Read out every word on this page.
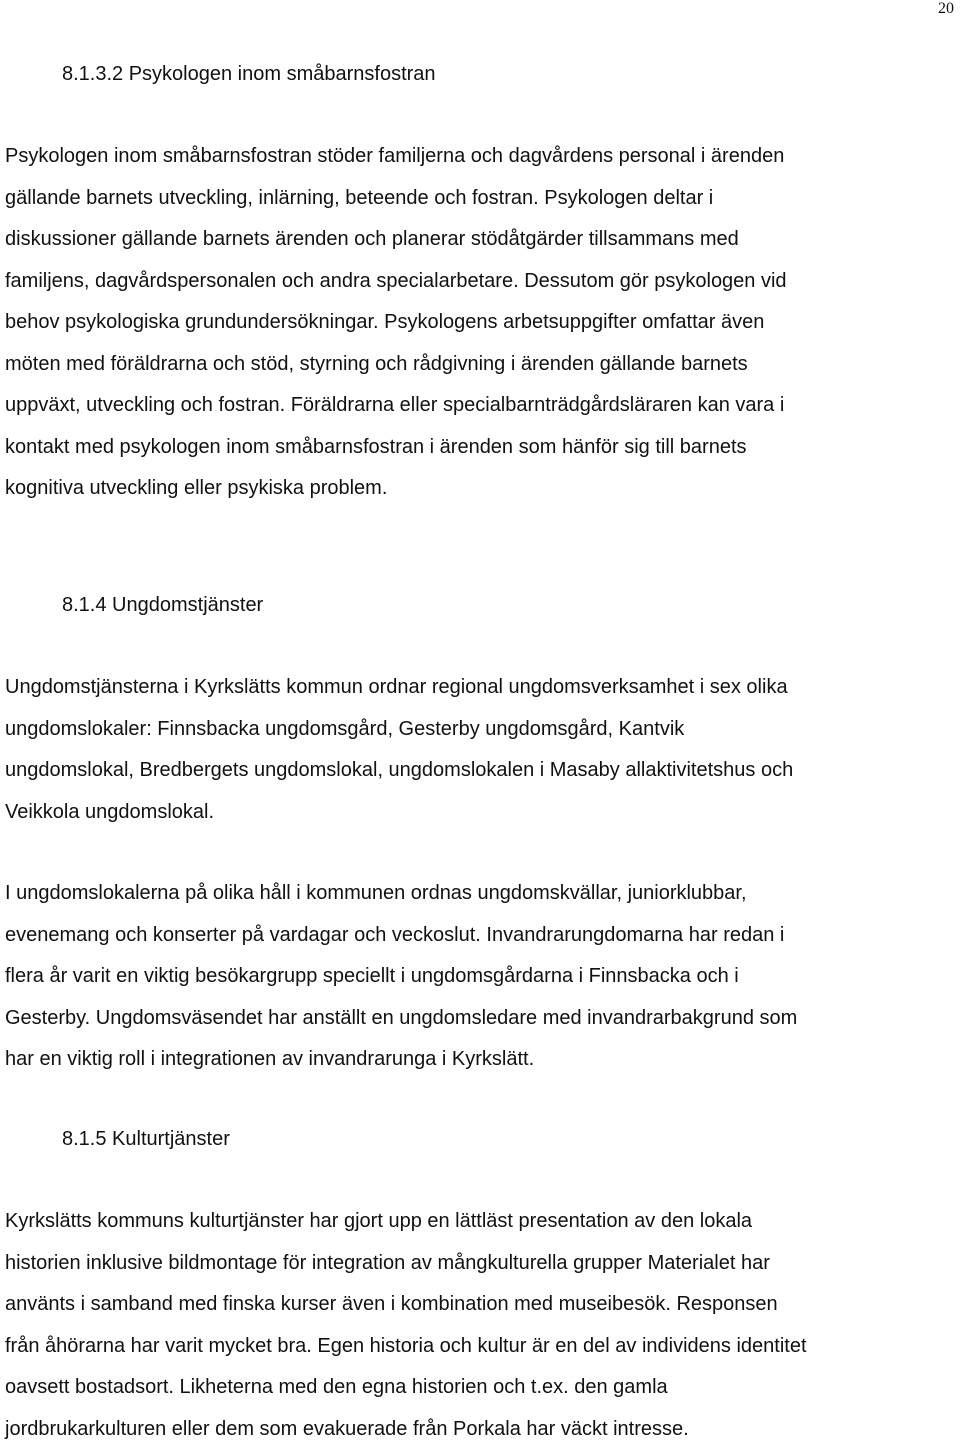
20
8.1.3.2 Psykologen inom småbarnsfostran
Psykologen inom småbarnsfostran stöder familjerna och dagvårdens personal i ärenden
gällande barnets utveckling, inlärning, beteende och fostran. Psykologen deltar i
diskussioner gällande barnets ärenden och planerar stödåtgärder tillsammans med
familjens, dagvårdspersonalen och andra specialarbetare. Dessutom gör psykologen vid
behov psykologiska grundundersökningar. Psykologens arbetsuppgifter omfattar även
möten med föräldrarna och stöd, styrning och rådgivning i ärenden gällande barnets
uppväxt, utveckling och fostran. Föräldrarna eller specialbarnträdgårdsläraren kan vara i
kontakt med psykologen inom småbarnsfostran i ärenden som hänför sig till barnets
kognitiva utveckling eller psykiska problem.
8.1.4 Ungdomstjänster
Ungdomstjänsterna i Kyrkslätts kommun ordnar regional ungdomsverksamhet i sex olika
ungdomslokaler: Finnsbacka ungdomsgård, Gesterby ungdomsgård, Kantvik
ungdomslokal, Bredbergets ungdomslokal, ungdomslokalen i Masaby allaktivitetshus och
Veikkola ungdomslokal.
I ungdomslokalerna på olika håll i kommunen ordnas ungdomskvällar, juniorklubbar,
evenemang och konserter på vardagar och veckoslut. Invandrarungdomarna har redan i
flera år varit en viktig besökargrupp speciellt i ungdomsgårdarna i Finnsbacka och i
Gesterby. Ungdomsväsendet har anställt en ungdomsledare med invandrarbakgrund som
har en viktig roll i integrationen av invandrarunga i Kyrkslätt.
8.1.5 Kulturtjänster
Kyrkslätts kommuns kulturtjänster har gjort upp en lättläst presentation av den lokala
historien inklusive bildmontage för integration av mångkulturella grupper Materialet har
använts i samband med finska kurser även i kombination med museibesök. Responsen
från åhörarna har varit mycket bra. Egen historia och kultur är en del av individens identitet
oavsett bostadsort. Likheterna med den egna historien och t.ex. den gamla
jordbrukarkulturen eller dem som evakuerade från Porkala har väckt intresse.
